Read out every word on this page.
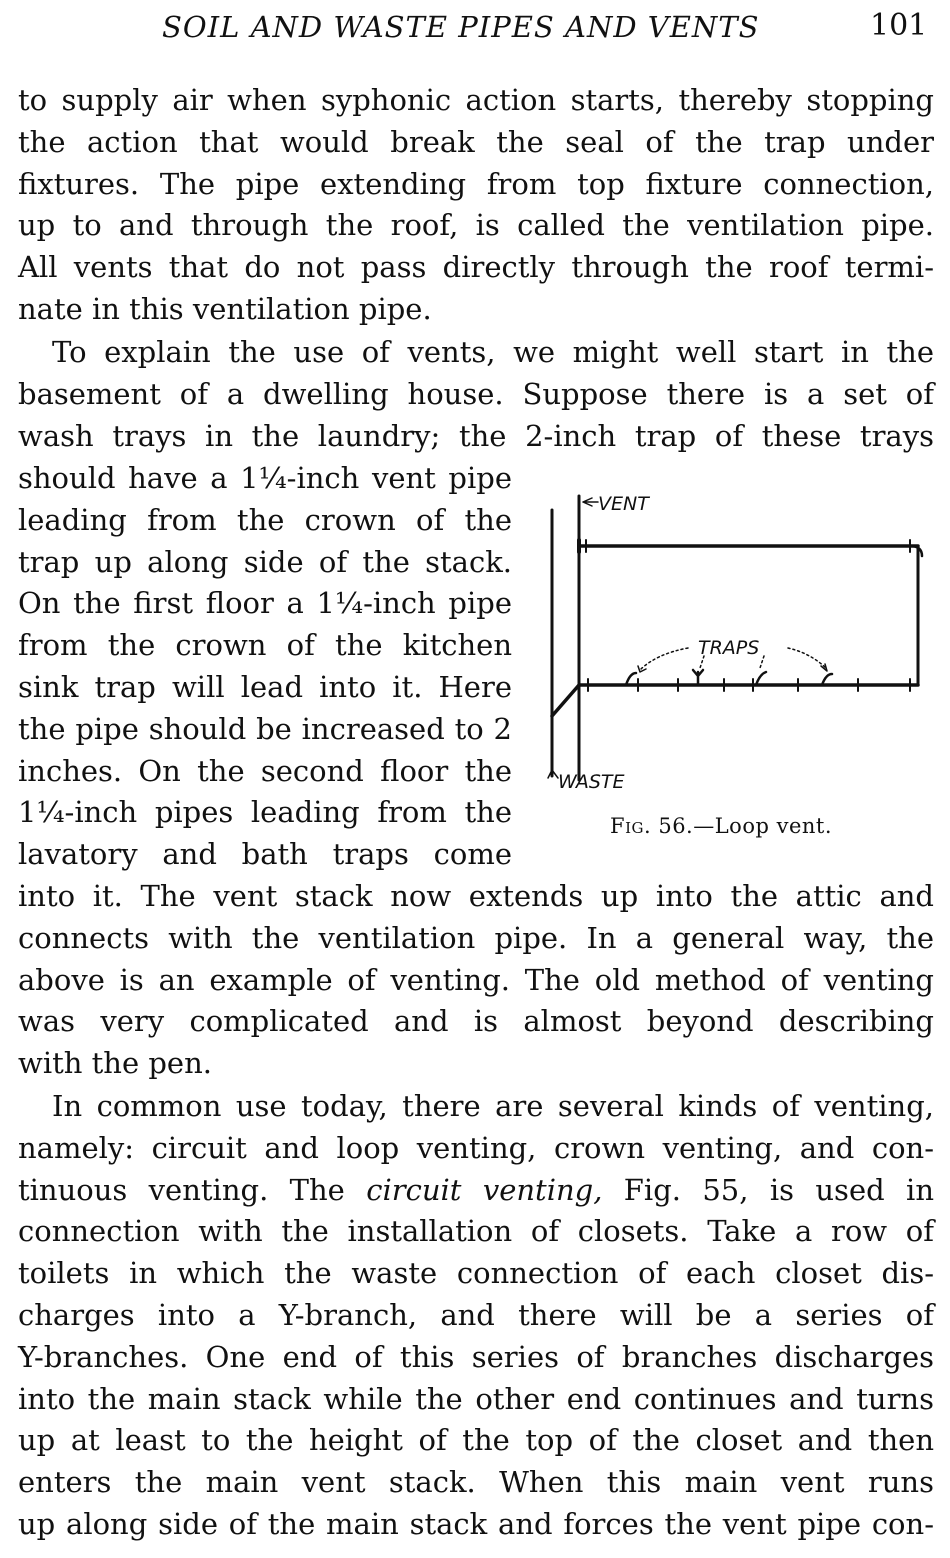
SOIL AND WASTE PIPES AND VENTS	101
to supply air when syphonic action starts, thereby stopping
the action that would break the seal of the trap under
fixtures. The pipe extending from top fixture connection,
up to and through the roof, is called the ventilation pipe.
All vents that do not pass directly through the roof termi-
nate in this ventilation pipe.
To explain the use of vents, we might well start in the
basement of a dwelling house. Suppose there is a set of
wash trays in the laundry; the 2-inch trap of these trays
should have a 1¼-inch vent pipe
leading from the crown of the
trap up along side of the stack.
On the first floor a 1¼-inch pipe
from the crown of the kitchen
sink trap will lead into it. Here
the pipe should be increased to 2
inches. On the second floor the
1¼-inch pipes leading from the
lavatory and bath traps come
into it. The vent stack now extends up into the attic and
connects with the ventilation pipe. In a general way, the
above is an example of venting. The old method of venting
was very complicated and is almost beyond describing
with the pen.
In common use today, there are several kinds of venting,
namely: circuit and loop venting, crown venting, and con-
tinuous venting. The circuit venting, Fig. 55, is used in
connection with the installation of closets. Take a row of
toilets in which the waste connection of each closet dis-
charges into a Y-branch, and there will be a series of
Y-branches. One end of this series of branches discharges
into the main stack while the other end continues and turns
up at least to the height of the top of the closet and then
enters the main vent stack. When this main vent runs
up along side of the main stack and forces the vent pipe con-
VENT
TRAPS
WASTE
Fig. 56.—Loop vent.
